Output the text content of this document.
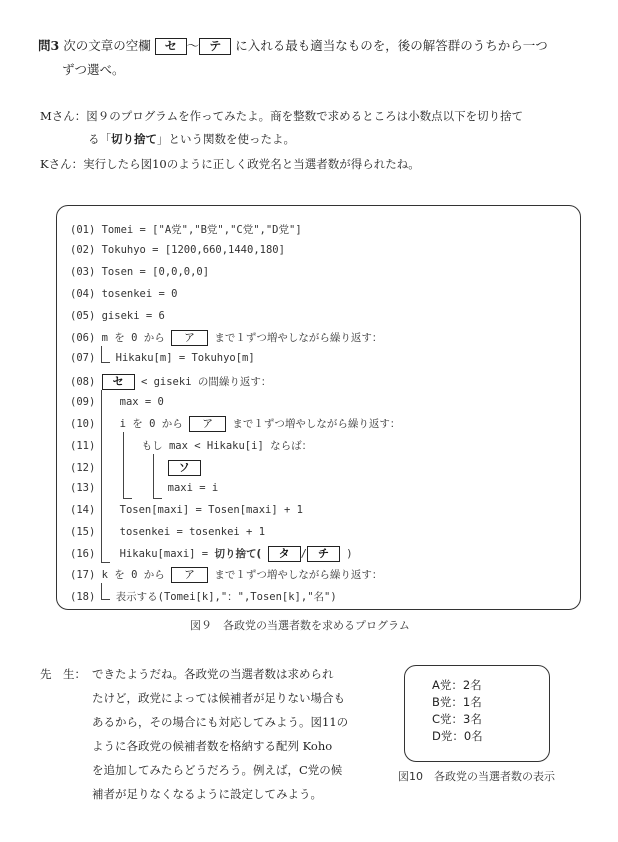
問3 次の文章の空欄 セ 〜 テ に入れる最も適当なものを，後の解答群のうちから一つ
ずつ選べ。
Mさん：図９のプログラムを作ってみたよ。商を整数で求めるところは小数点以下を切り捨て
る「切り捨て」という関数を使ったよ。
Kさん：実行したら図10のように正しく政党名と当選者数が得られたね。
(01) Tomei = ["A党","B党","C党","D党"]
(02) Tokuhyo = [1200,660,1440,180]
(03) Tosen = [0,0,0,0]
(04) tosenkei = 0
(05) giseki = 6
(06) m を 0 から ア まで１ずつ増やしながら繰り返す：
(07) Hikaku[m] = Tokuhyo[m]
(08) セ < giseki の間繰り返す：
(09) max = 0
(10) i を 0 から ア まで１ずつ増やしながら繰り返す：
(11)	もし max < Hikaku[i] ならば：
(12)	ソ
(13)	maxi = i
(14) Tosen[maxi] = Tosen[maxi] + 1
(15) tosenkei = tosenkei + 1
(16) Hikaku[maxi] = 切り捨て( タ / チ )
(17) k を 0 から ア まで１ずつ増やしながら繰り返す：
(18) 表示する(Tomei[k],"：",Tosen[k],"名")
図９　各政党の当選者数を求めるプログラム
先　生： できたようだね。各政党の当選者数は求められ
たけど，政党によっては候補者が足りない場合も
あるから，その場合にも対応してみよう。図11の
ように各政党の候補者数を格納する配列 Koho
を追加してみたらどうだろう。例えば，C党の候
補者が足りなくなるように設定してみよう。
A党：2名
B党：1名
C党：3名
D党：0名
図10　各政党の当選者数の表示
